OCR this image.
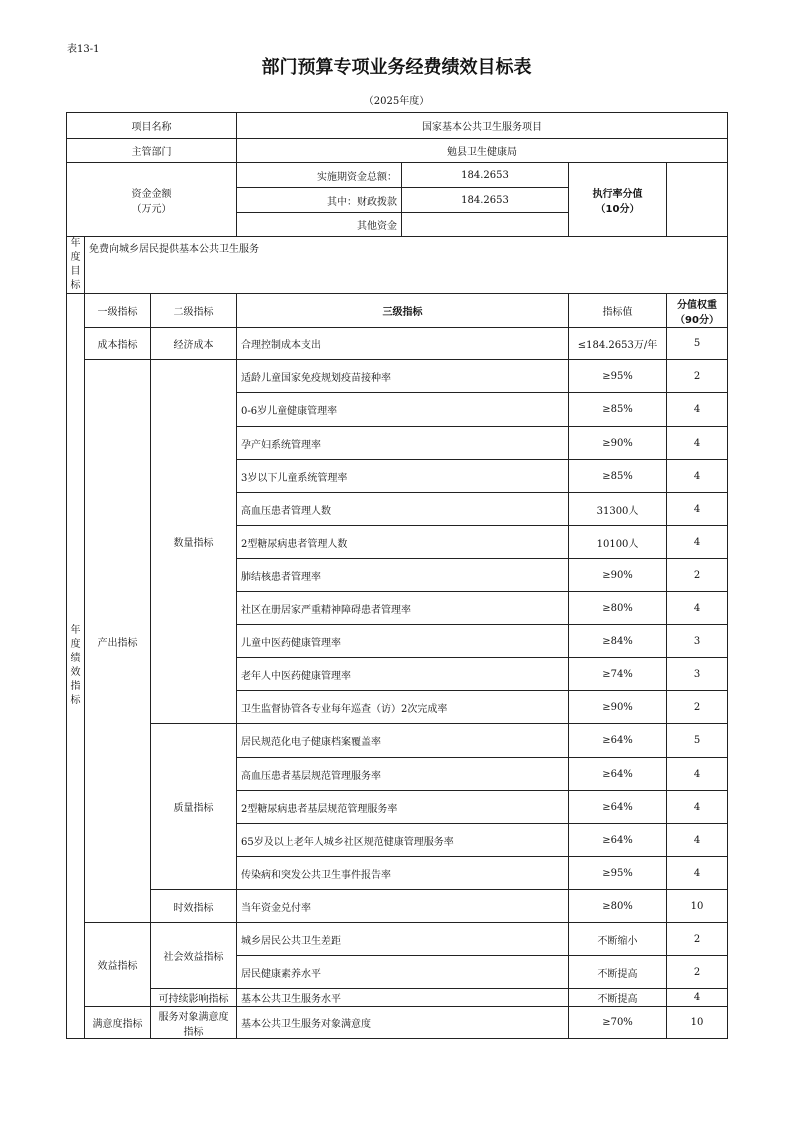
表13-1
部门预算专项业务经费绩效目标表
（2025年度）
项目名称			国家基本公共卫生服务项目			
主管部门			勉县卫生健康局			
资金金额
（万元）			实施期资金总额：	184.2653	执行率分值
（10分）	
			其中：财政拨款	184.2653		
			其他资金			
年度目标	免费向城乡居民提供基本公共卫生服务					
年度绩效指标	一级指标	二级指标	三级指标		指标值	分值权重
（90分）
	成本指标	经济成本	合理控制成本支出		≤184.2653万/年	5
	产出指标	数量指标	适龄儿童国家免疫规划疫苗接种率		≥95%	2
			0-6岁儿童健康管理率		≥85%	4
			孕产妇系统管理率		≥90%	4
			3岁以下儿童系统管理率		≥85%	4
			高血压患者管理人数		31300人	4
			2型糖尿病患者管理人数		10100人	4
			肺结核患者管理率		≥90%	2
			社区在册居家严重精神障碍患者管理率		≥80%	4
			儿童中医药健康管理率		≥84%	3
			老年人中医药健康管理率		≥74%	3
			卫生监督协管各专业每年巡查（访）2次完成率		≥90%	2
		质量指标	居民规范化电子健康档案覆盖率		≥64%	5
			高血压患者基层规范管理服务率		≥64%	4
			2型糖尿病患者基层规范管理服务率		≥64%	4
			65岁及以上老年人城乡社区规范健康管理服务率		≥64%	4
			传染病和突发公共卫生事件报告率		≥95%	4
		时效指标	当年资金兑付率		≥80%	10
	效益指标	社会效益指标	城乡居民公共卫生差距		不断缩小	2
			居民健康素养水平		不断提高	2
		可持续影响指标	基本公共卫生服务水平		不断提高	4
	满意度指标	服务对象满意度指标	基本公共卫生服务对象满意度		≥70%	10
